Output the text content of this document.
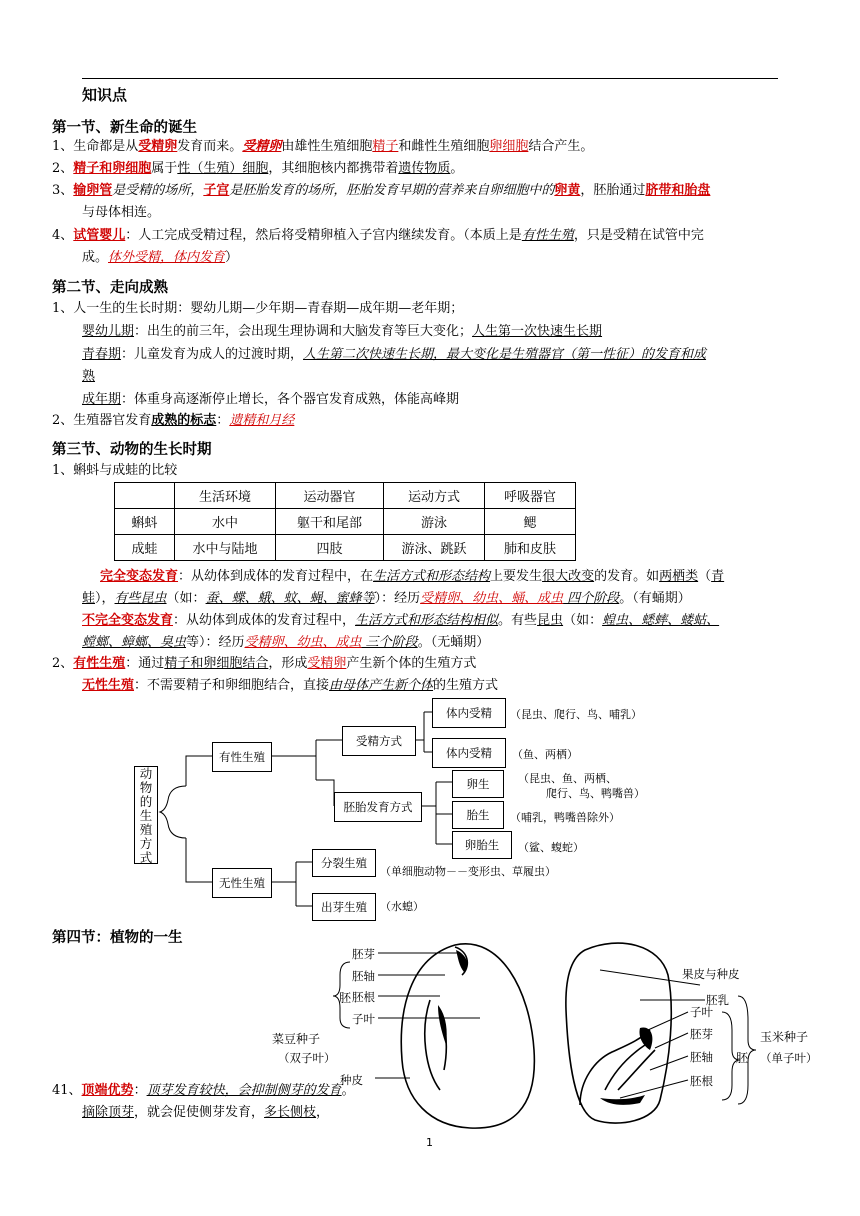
知识点
第一节、新生命的诞生
1、生命都是从受精卵发育而来。受精卵由雄性生殖细胞精子和雌性生殖细胞卵细胞结合产生。
2、精子和卵细胞属于性（生殖）细胞，其细胞核内都携带着遗传物质。
3、输卵管是受精的场所，子宫是胚胎发育的场所，胚胎发育早期的营养来自卵细胞中的卵黄，胚胎通过脐带和胎盘
与母体相连。
4、试管婴儿：人工完成受精过程，然后将受精卵植入子宫内继续发育。（本质上是有性生殖，只是受精在试管中完
成。体外受精，体内发育）
第二节、走向成熟
1、人一生的生长时期：婴幼儿期—少年期—青春期—成年期—老年期；
婴幼儿期：出生的前三年，会出现生理协调和大脑发育等巨大变化；人生第一次快速生长期
青春期：儿童发育为成人的过渡时期，人生第二次快速生长期，最大变化是生殖器官（第一性征）的发育和成
熟
成年期：体重身高逐渐停止增长，各个器官发育成熟，体能高峰期
2、生殖器官发育成熟的标志：遗精和月经
第三节、动物的生长时期
1、蝌蚪与成蛙的比较
	生活环境	运动器官	运动方式	呼吸器官
蝌蚪	水中	躯干和尾部	游泳	鳃
成蛙	水中与陆地	四肢	游泳、跳跃	肺和皮肤
完全变态发育：从幼体到成体的发育过程中，在生活方式和形态结构上要发生很大改变的发育。如两栖类（青
蛙），有些昆虫（如：蚕、蝶、蛾、蚊、蝇、蜜蜂等）：经历受精卵、幼虫、蛹、成虫 四个阶段。（有蛹期）
不完全变态发育：从幼体到成体的发育过程中，生活方式和形态结构相似。有些昆虫（如：蝗虫、蟋蟀、蝼蛄、
螳螂、蟑螂、臭虫等）：经历受精卵、幼虫、成虫 三个阶段。（无蛹期）
2、有性生殖：通过精子和卵细胞结合，形成受精卵产生新个体的生殖方式
无性生殖：不需要精子和卵细胞结合，直接由母体产生新个体的生殖方式
动物的生殖方式
有性生殖
无性生殖
受精方式
体内受精	（昆虫、爬行、鸟、哺乳）
体内受精	（鱼、两栖）
胚胎发育方式
卵生	（昆虫、鱼、两栖、
爬行、鸟、鸭嘴兽）
胎生	（哺乳，鸭嘴兽除外）
卵胎生	（鲨、蝮蛇）
分裂生殖
（单细胞动物－－变形虫、草履虫）
出芽生殖	（水螅）
第四节：植物的一生
胚芽
胚轴
胚根
子叶
胚
菜豆种子
（双子叶）
种皮
果皮与种皮
胚乳
子叶
胚芽
胚轴
胚根
胚
玉米种子
（单子叶）
41、顶端优势：顶芽发育较快，会抑制侧芽的发育。
摘除顶芽，就会促使侧芽发育，多长侧枝，
1
